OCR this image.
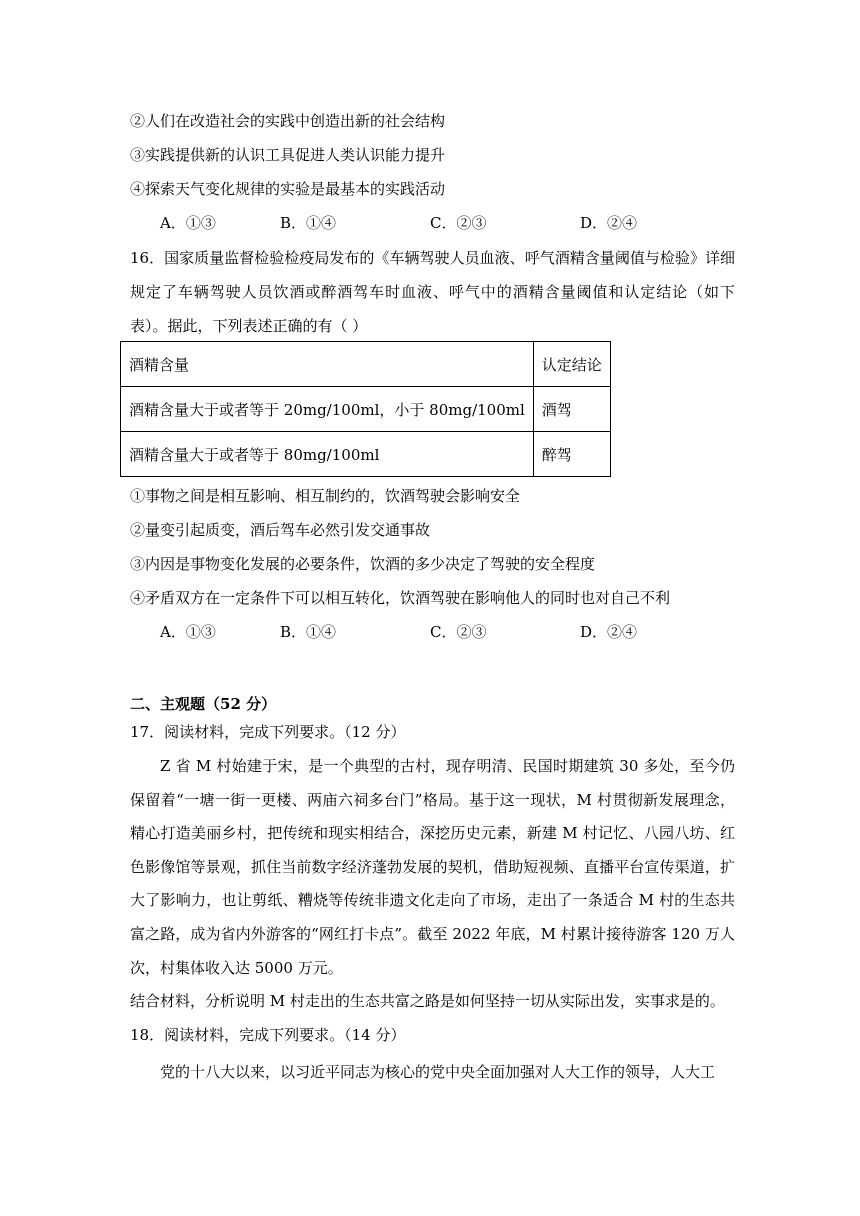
②人们在改造社会的实践中创造出新的社会结构
③实践提供新的认识工具促进人类认识能力提升
④探索天气变化规律的实验是最基本的实践活动
A．①③	B．①④	C．②③	D．②④
16．国家质量监督检验检疫局发布的《车辆驾驶人员血液、呼气酒精含量阈值与检验》详细规定了车辆驾驶人员饮酒或醉酒驾车时血液、呼气中的酒精含量阈值和认定结论（如下表）。据此，下列表述正确的有（ ）
酒精含量	认定结论
酒精含量大于或者等于 20mg/100ml，小于 80mg/100ml	酒驾
酒精含量大于或者等于 80mg/100ml	醉驾
①事物之间是相互影响、相互制约的，饮酒驾驶会影响安全
②量变引起质变，酒后驾车必然引发交通事故
③内因是事物变化发展的必要条件，饮酒的多少决定了驾驶的安全程度
④矛盾双方在一定条件下可以相互转化，饮酒驾驶在影响他人的同时也对自己不利
A．①③	B．①④	C．②③	D．②④
二、主观题（52 分）
17．阅读材料，完成下列要求。（12 分）
Z 省 M 村始建于宋，是一个典型的古村，现存明清、民国时期建筑 30 多处，至今仍保留着“一塘一街一更楼、两庙六祠多台门”格局。基于这一现状，M 村贯彻新发展理念，精心打造美丽乡村，把传统和现实相结合，深挖历史元素，新建 M 村记忆、八园八坊、红色影像馆等景观，抓住当前数字经济蓬勃发展的契机，借助短视频、直播平台宣传渠道，扩大了影响力，也让剪纸、糟烧等传统非遗文化走向了市场，走出了一条适合 M 村的生态共富之路，成为省内外游客的“网红打卡点”。截至 2022 年底，M 村累计接待游客 120 万人次，村集体收入达 5000 万元。
结合材料，分析说明 M 村走出的生态共富之路是如何坚持一切从实际出发，实事求是的。
18．阅读材料，完成下列要求。（14 分）
党的十八大以来，以习近平同志为核心的党中央全面加强对人大工作的领导，人大工
